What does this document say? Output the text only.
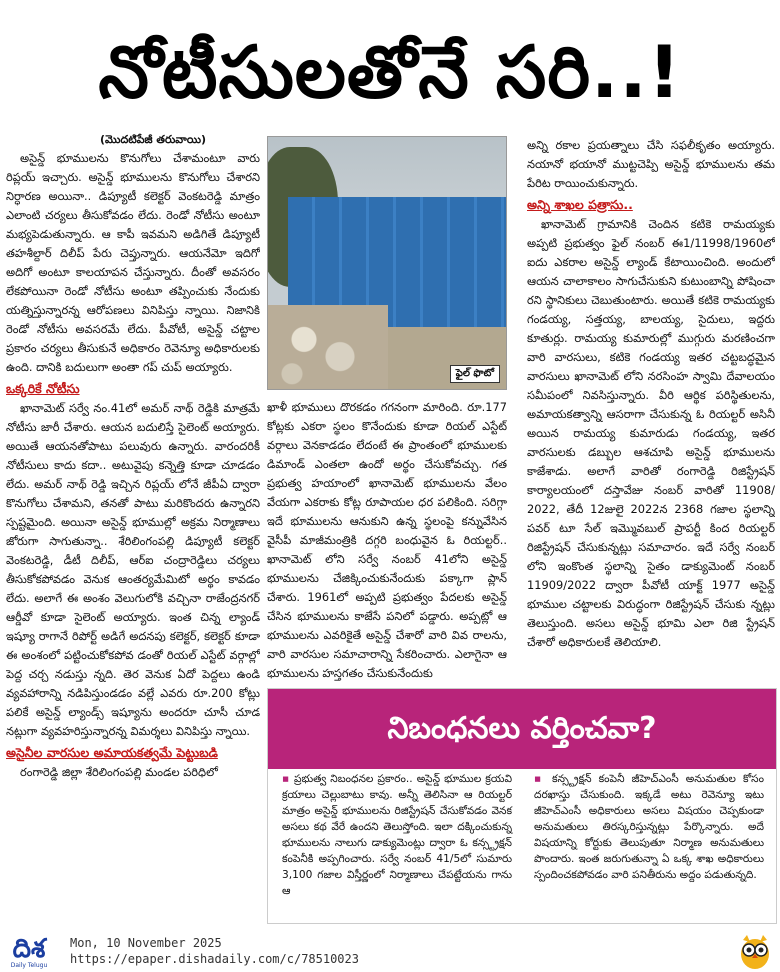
నోటీసులతోనే సరి..!
(మొదటిపేజీ తరువాయి)

అసైన్డ్ భూములను కొనుగోలు చేశామంటూ వారు రిప్లయ్ ఇచ్చారు. అసైన్డ్ భూములను కొనుగోలు చేశారని నిర్ధారణ అయినా.. డిప్యూటీ కలెక్టర్ వెంకటరెడ్డి మాత్రం ఎలాంటి చర్యలు తీసుకోవడం లేదు. రెండో నోటీసు అంటూ మభ్యపెడుతున్నారు. ఆ కాపీ ఇవమని అడిగితే డిప్యూటీ తహశీల్దార్ దిలీప్ పేరు చెప్తున్నారు. ఆయనేమో ఇదిగో అదిగో అంటూ కాలయాపన చేస్తున్నారు. దీంతో అవసరం లేకపోయినా రెండో నోటీసు అంటూ తప్పించుకు నేందుకు యత్నిస్తున్నారన్న ఆరోపణలు వినిపిస్తు న్నాయి. నిజానికి రెండో నోటీసు అవసరమే లేదు. పీవోటీ, అసైన్డ్ చట్టాల ప్రకారం చర్యలు తీసుకునే అధికారం రెవెన్యూ అధికారులకు ఉంది. దానికి బదులుగా అంతా గప్ చుప్ అయ్యారు.

ఒక్కరికే నోటీసు

ఖానామెట్ సర్వే నం.41లో అమర్ నాథ్ రెడ్డికి మాత్రమే నోటీసు జారీ చేశారు. ఆయన బదులిస్తే సైలెంట్ అయ్యారు. అయితే ఆయనతోపాటు పలువురు ఉన్నారు. వారందరికీ నోటీసులు కాదు కదా.. అటువైపు కన్నెత్తి కూడా చూడడం లేదు. అమర్ నాథ్ రెడ్డి ఇచ్చిన రిప్లయ్ లోనే జీపీఏ ద్వారా కొనుగోలు చేశామని, తనతో పాటు మరికొందరు ఉన్నారని స్పష్టమైంది. అయినా అసైన్డ్ భూముల్లో అక్రమ నిర్మాణాలు జోరుగా సాగుతున్నా.. శేరిలింగంపల్లి డిప్యూటీ కలెక్టర్ వెంకటరెడ్డి, డీటీ దిలీప్, ఆర్ఐ చంద్రారెడ్డిలు చర్యలు తీసుకోకపోవడం వెనుక ఆంతర్యమేమిటో అర్థం కావడం లేదు. అలాగే ఈ అంశం వెలుగులోకి వచ్చినా రాజేంద్రనగర్ ఆర్డీవో కూడా సైలెంట్ అయ్యారు. ఇంత చిన్న ల్యాండ్ ఇష్యూ రాగానే రిపోర్ట్ అడిగే అదనపు కలెక్టర్, కలెక్టర్ కూడా ఈ అంశంలో పట్టించుకోకపోవ డంతో రియల్ ఎస్టేట్ వర్గాల్లో పెద్ద చర్చ నడుస్తు న్నది. తెర వెనుక ఏదో పెద్దలు ఉండి వ్యవహారాన్ని నడిపిస్తుండడం వల్లే ఎవరు రూ.200 కోట్లు పలికే అసైన్డ్ ల్యాండ్స్ ఇష్యూను అందరూ చూసీ చూడ నట్లుగా వ్యవహరిస్తున్నారన్న విమర్శలు వినిపిస్తు న్నాయి.

అసైనీల వారసుల అమాయకత్వమే పెట్టుబడి

రంగారెడ్డి జిల్లా శేరిలింగంపల్లి మండల పరిధిలో

ఫైల్ ఫొటో

ఖాళీ భూములు దొరకడం గగనంగా మారింది. రూ.177 కోట్లకు ఎకరా స్థలం కొనేందుకు కూడా రియల్ ఎస్టేట్ వర్గాలు వెనకాడడం లేదంటే ఈ ప్రాంతంలో భూములకు డిమాండ్ ఎంతలా ఉందో అర్థం చేసుకోవచ్చు. గత ప్రభుత్వ హయాంలో ఖానామెట్ భూములను వేలం వేయగా ఎకరాకు కోట్ల రూపాయల ధర పలికింది. సరిగ్గా ఇదే భూములను ఆనుకుని ఉన్న స్థలంపై కన్నువేసిన వైసీపీ మాజీమంత్రికి దగ్గరి బంధువైన ఓ రియల్టర్.. ఖానామెట్ లోని సర్వే నంబర్ 41లోని అసైన్డ్ భూములను చేజిక్కించుకునేందుకు పక్కాగా ప్లాన్ చేశారు. 1961లో అప్పటి ప్రభుత్వం పేదలకు అసైన్డ్ చేసిన భూములను కాజేసే పనిలో పడ్డారు. అప్పట్లో ఆ భూములను ఎవరికైతే అసైన్డ్ చేశారో వారి వివ రాలను, వారి వారసుల సమాచారాన్ని సేకరించారు. ఎలాగైనా ఆ భూములను హస్తగతం చేసుకునేందుకు

అన్ని రకాల ప్రయత్నాలు చేసి సఫలీకృతం అయ్యారు. నయానో భయానో ముట్టచెప్పి అసైన్డ్ భూములను తమ పేరిట రాయించుకున్నారు.

అన్ని శాఖల పత్రాసు..

ఖానామెట్ గ్రామానికి చెందిన కటికె రామయ్యకు అప్పటి ప్రభుత్వం ఫైల్ నంబర్ ఈ1/11998/1960లో ఐదు ఎకరాల అసైన్డ్ ల్యాండ్ కేటాయించింది. అందులో ఆయన చాలాకాలం సాగుచేసుకుని కుటుంబాన్ని పోషించా రని స్థానికులు చెబుతుంటారు. అయితే కటికె రామయ్యకు గండయ్య, సత్తయ్య, బాలయ్య, సైదులు, ఇద్దరు కూతుర్లు. రామయ్య కుమారుల్లో ముగ్గురు మరణించగా వారి వారసులు, కటికె గండయ్య ఇతర చట్టబద్ధమైన వారసులు ఖానామెట్ లోని నరసింహ స్వామి దేవాలయం సమీపంలో నివసిస్తున్నారు. వీరి ఆర్థిక పరిస్థితులను, అమాయకత్వాన్ని ఆసరాగా చేసుకున్న ఓ రియల్టర్ అసినీ అయిన రామయ్య కుమారుడు గండయ్య, ఇతర వారసులకు డబ్బుల ఆశచూపి అసైన్డ్ భూములను కాజేశాడు. అలాగే వారితో రంగారెడ్డి రిజిస్ట్రేషన్ కార్యాలయంలో దస్తావేజు నంబర్ వారితో 11908/ 2022, తేదీ 12జులై 2022న 2368 గజాల స్థలాన్ని పవర్ టూ సేల్ ఇమ్మొవబుల్ ప్రాపర్టీ కింద రియల్టర్ రిజిస్ట్రేషన్ చేసుకున్నట్లు సమాచారం. ఇదే సర్వే నంబర్ లోని ఇంకొంత స్థలాన్ని సైతం డాక్యుమెంట్ నంబర్ 11909/2022 ద్వారా పీవోటీ యాక్ట్ 1977 అసైన్డ్ భూముల చట్టాలకు విరుద్ధంగా రిజిస్ట్రేషన్ చేసుకు న్నట్లు తెలుస్తుంది. అసలు అసైన్డ్ భూమి ఎలా రిజి స్ట్రేషన్ చేశారో అధికారులకే తెలియాలి.

నిబంధనలు వర్తించవా?

▪ ప్రభుత్వ నిబంధనల ప్రకారం.. అసైన్డ్ భూముల క్రయవి క్రయాలు చెల్లుబాటు కావు. అన్నీ తెలిసినా ఆ రియల్టర్ మాత్రం అసైన్డ్ భూములను రిజిస్ట్రేషన్ చేసుకోవడం వెనక అసలు కథ వేరే ఉందని తెలుస్తోంది. ఇలా దక్కించుకున్న భూములను నాలుగు డాక్యుమెంట్లు ద్వారా ఓ కన్స్ట్రక్షన్ కంపెనీకి అప్పగించారు. సర్వే నంబర్ 41/5లో సుమారు 3,100 గజాల విస్తీర్ణంలో నిర్మాణాలు చేపట్టేయను గాను ఆ

▪ కన్స్ట్రక్షన్ కంపెనీ జీహెచ్ఎంసీ అనుమతుల కోసం దరఖాస్తు చేసుకుంది. ఇక్కడే అటు రెవెన్యూ ఇటు జీహెచ్ఎంసీ అధికారులు అసలు విషయం చెప్పకుండా అనుమతులు తిరస్కరిస్తున్నట్లు పేర్కొన్నారు. అదే విషయాన్ని కోర్టుకు తెలుపుతూ నిర్మాణ అనుమతులు పొందారు. ఇంత జరుగుతున్నా ఏ ఒక్క శాఖ అధికారులు స్పందించకపోవడం వారి పనితీరును అద్దం పడుతున్నది.

దిశ
Daily Telugu
Mon, 10 November 2025
https://epaper.dishadaily.com/c/78510023
